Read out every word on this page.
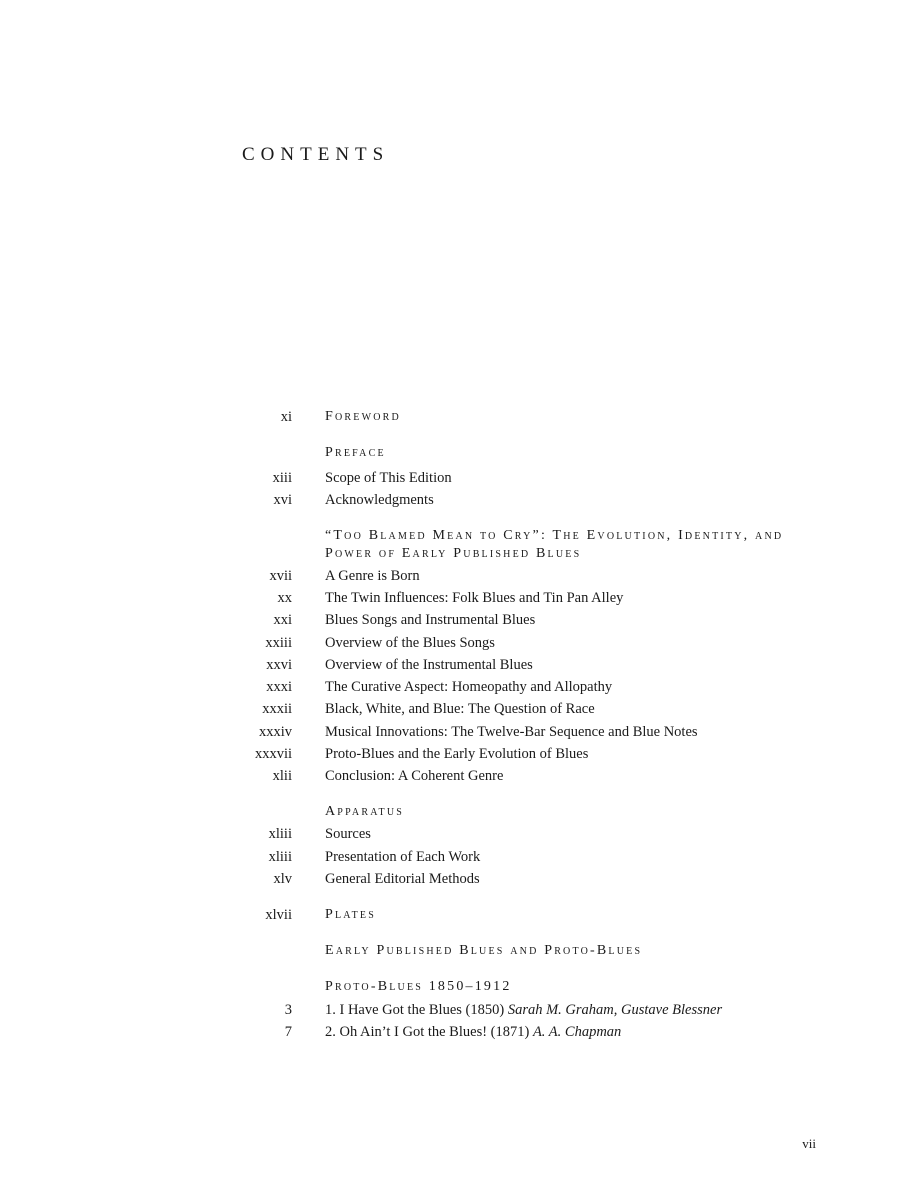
CONTENTS
xi Foreword
Preface
xiii Scope of This Edition
xvi Acknowledgments
“Too Blamed Mean to Cry”: The Evolution, Identity, and
Power of Early Published Blues
xvii A Genre is Born
xx The Twin Influences: Folk Blues and Tin Pan Alley
xxi Blues Songs and Instrumental Blues
xxiii Overview of the Blues Songs
xxvi Overview of the Instrumental Blues
xxxi The Curative Aspect: Homeopathy and Allopathy
xxxii Black, White, and Blue: The Question of Race
xxxiv Musical Innovations: The Twelve-Bar Sequence and Blue Notes
xxxvii Proto-Blues and the Early Evolution of Blues
xlii Conclusion: A Coherent Genre
Apparatus
xliii Sources
xliii Presentation of Each Work
xlv General Editorial Methods
xlvii Plates
Early Published Blues and Proto-Blues
Proto-Blues 1850–1912
3 1. I Have Got the Blues (1850) Sarah M. Graham, Gustave Blessner
7 2. Oh Ain’t I Got the Blues! (1871) A. A. Chapman
vii
